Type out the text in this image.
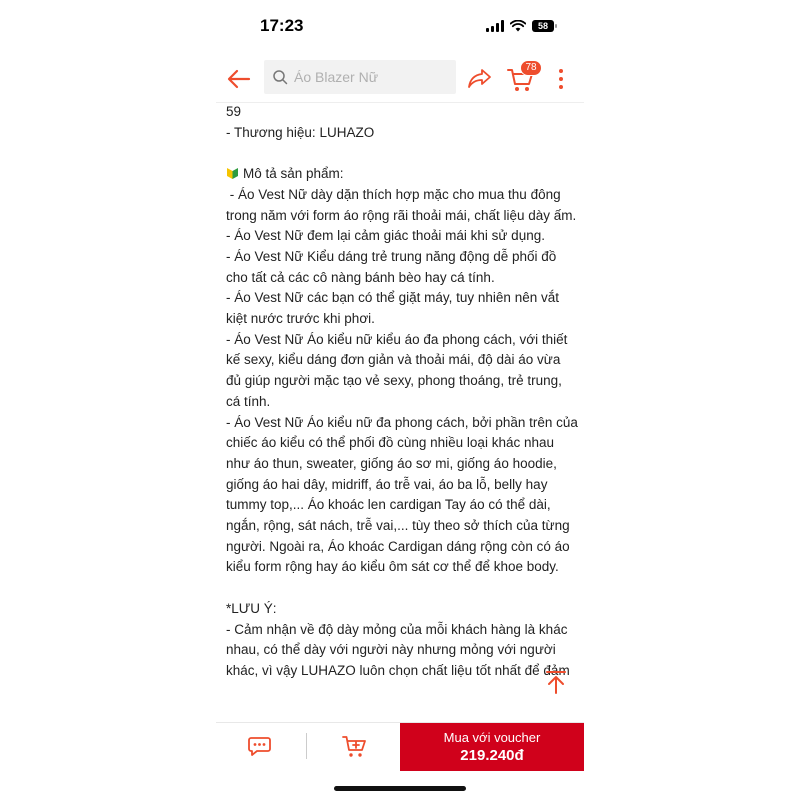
17:23	58
Áo Blazer Nữ
78

59

- Thương hiệu: LUHAZO

Mô tả sản phẩm:

- Áo Vest Nữ dày dặn thích hợp mặc cho mua thu đông trong năm với form áo rộng rãi thoải mái, chất liệu dày ấm.

- Áo Vest Nữ đem lại cảm giác thoải mái khi sử dụng.

- Áo Vest Nữ Kiểu dáng trẻ trung năng động dễ phối đồ cho tất cả các cô nàng bánh bèo hay cá tính.

- Áo Vest Nữ các bạn có thể giặt máy, tuy nhiên nên vắt kiệt nước trước khi phơi.

- Áo Vest Nữ Áo kiểu nữ kiểu áo đa phong cách, với thiết kế sexy, kiểu dáng đơn giản và thoải mái, độ dài áo vừa đủ giúp người mặc tạo vẻ sexy, phong thoáng, trẻ trung, cá tính.

- Áo Vest Nữ Áo kiểu nữ đa phong cách, bởi phần trên của chiếc áo kiểu có thể phối đồ cùng nhiều loại khác nhau như áo thun, sweater, giống áo sơ mi, giống áo hoodie, giống áo hai dây, midriff, áo trễ vai, áo ba lỗ, belly hay tummy top,... Áo khoác len cardigan Tay áo có thể dài, ngắn, rộng, sát nách, trễ vai,... tùy theo sở thích của từng người. Ngoài ra, Áo khoác Cardigan dáng rộng còn có áo kiểu form rộng hay áo kiểu ôm sát cơ thể để khoe body.

*LƯU Ý:

- Cảm nhận về độ dày mỏng của mỗi khách hàng là khác nhau, có thể dày với người này nhưng mỏng với người khác, vì vậy LUHAZO luôn chọn chất liệu tốt nhất để đảm

Mua với voucher
219.240đ
